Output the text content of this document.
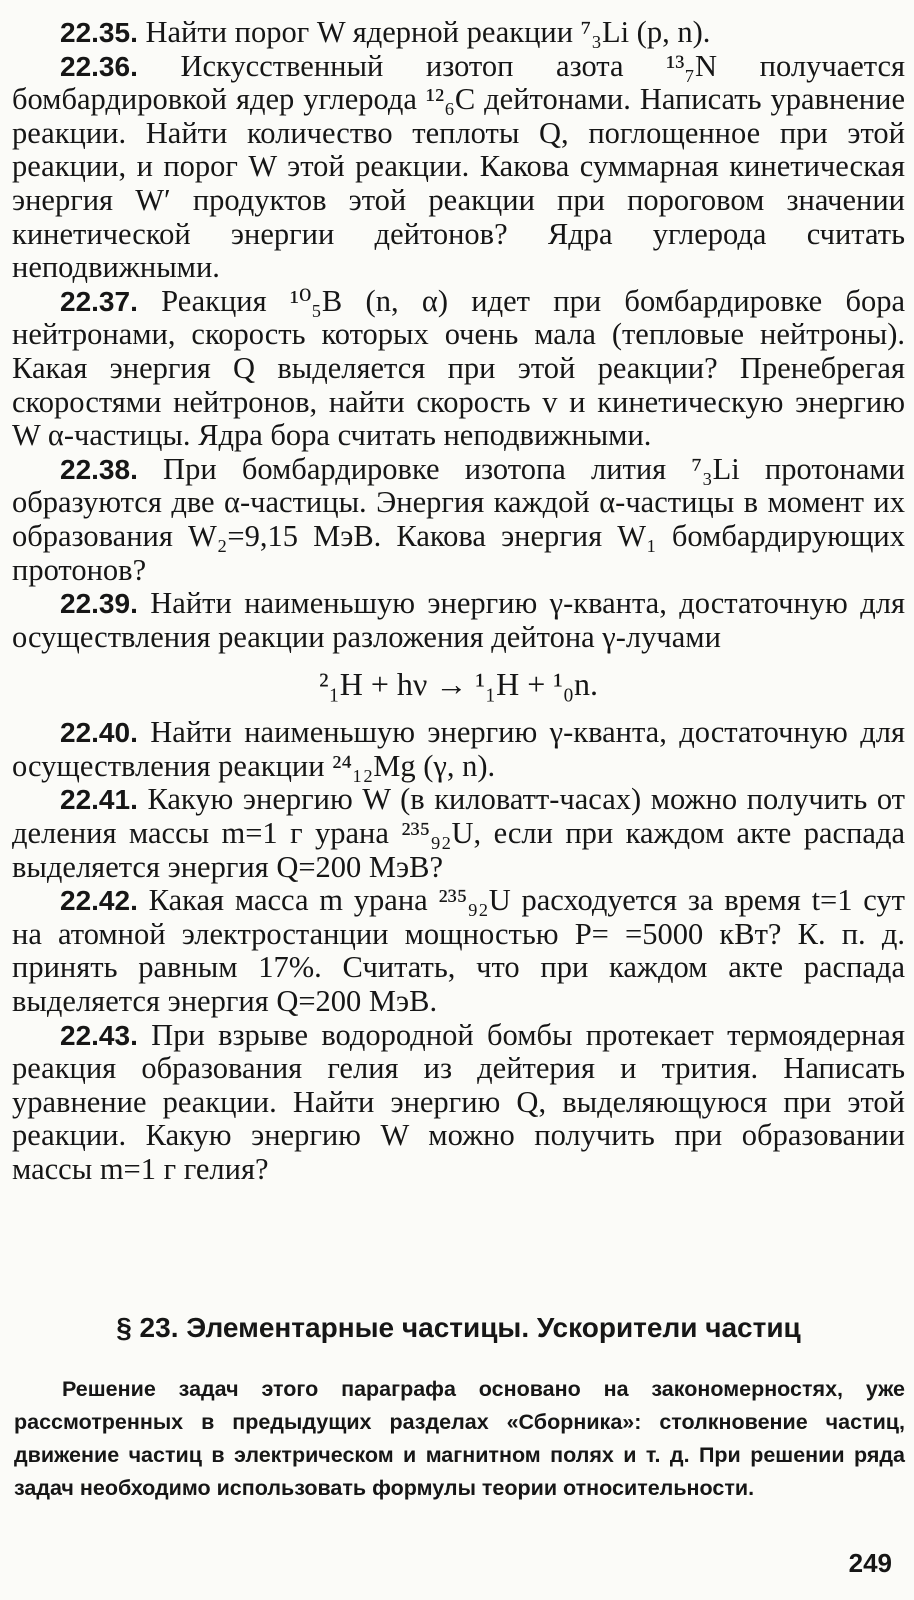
22.35. Найти порог W ядерной реакции ⁷₃Li (p, n).

22.36. Искусственный изотоп азота ¹³₇N получается бомбардировкой ядер углерода ¹²₆C дейтонами. Написать уравнение реакции. Найти количество теплоты Q, поглощенное при этой реакции, и порог W этой реакции. Какова суммарная кинетическая энергия W′ продуктов этой реакции при пороговом значении кинетической энергии дейтонов? Ядра углерода считать неподвижными.

22.37. Реакция ¹⁰₅B (n, α) идет при бомбардировке бора нейтронами, скорость которых очень мала (тепловые нейтроны). Какая энергия Q выделяется при этой реакции? Пренебрегая скоростями нейтронов, найти скорость v и кинетическую энергию W α-частицы. Ядра бора считать неподвижными.

22.38. При бомбардировке изотопа лития ⁷₃Li протонами образуются две α-частицы. Энергия каждой α-частицы в момент их образования W₂=9,15 МэВ. Какова энергия W₁ бомбардирующих протонов?

22.39. Найти наименьшую энергию γ-кванта, достаточную для осуществления реакции разложения дейтона γ-лучами

²₁H + hν → ¹₁H + ¹₀n.

22.40. Найти наименьшую энергию γ-кванта, достаточную для осуществления реакции ²⁴₁₂Mg (γ, n).

22.41. Какую энергию W (в киловатт-часах) можно получить от деления массы m=1 г урана ²³⁵₉₂U, если при каждом акте распада выделяется энергия Q=200 МэВ?

22.42. Какая масса m урана ²³⁵₉₂U расходуется за время t=1 сут на атомной электростанции мощностью P= =5000 кВт? К. п. д. принять равным 17%. Считать, что при каждом акте распада выделяется энергия Q=200 МэВ.

22.43. При взрыве водородной бомбы протекает термоядерная реакция образования гелия из дейтерия и трития. Написать уравнение реакции. Найти энергию Q, выделяющуюся при этой реакции. Какую энергию W можно получить при образовании массы m=1 г гелия?

§ 23. Элементарные частицы. Ускорители частиц

Решение задач этого параграфа основано на закономерностях, уже рассмотренных в предыдущих разделах «Сборника»: столкновение частиц, движение частиц в электрическом и магнитном полях и т. д. При решении ряда задач необходимо использовать формулы теории относительности.

249
